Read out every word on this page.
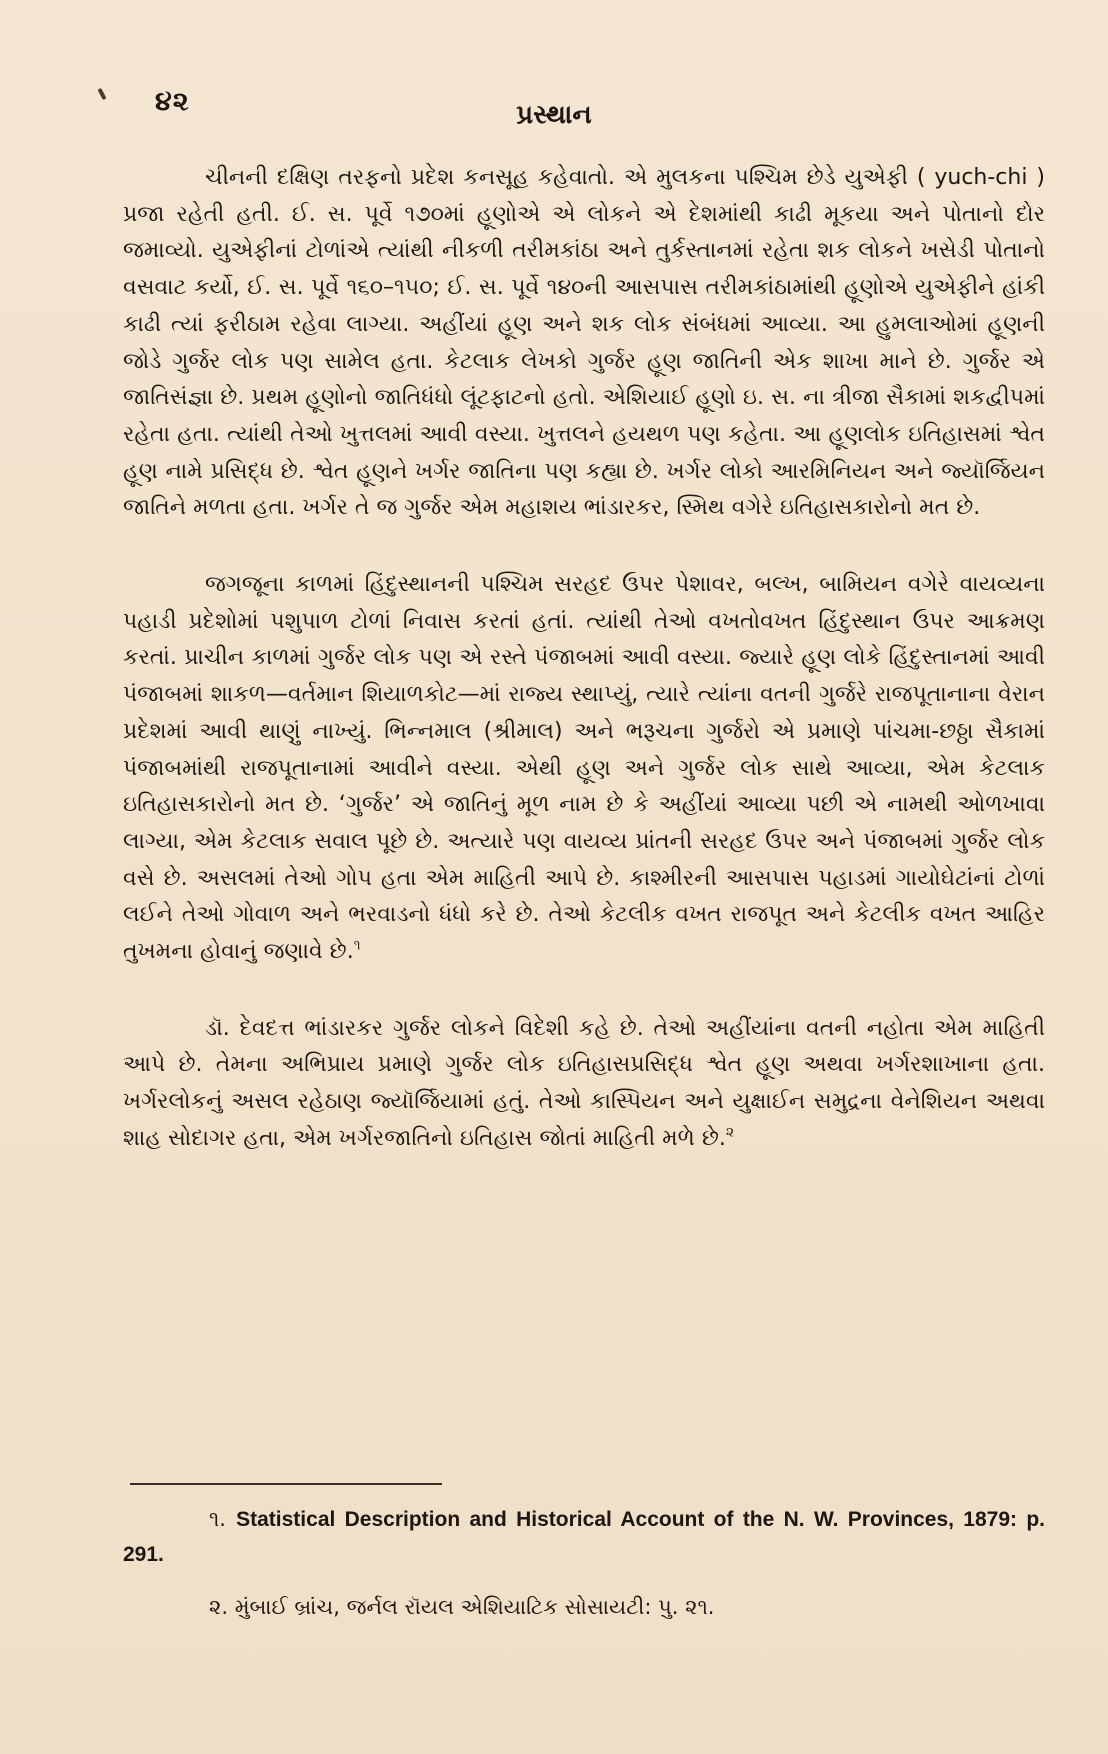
૪૨	પ્રસ્થાન

ચીનની દક્ષિણ તરફનો પ્રદેશ કનસૂહ કહેવાતો. એ મુલકના પશ્ચિમ છેડે યુએફી ( yuch-chi ) પ્રજા રહેતી હતી. ઈ. સ. પૂર્વે ૧૭૦માં હૂણોએ એ લોકને એ દેશમાંથી કાઢી મૂકયા અને પોતાનો દોર જમાવ્યો. યુએફીનાં ટોળાંએ ત્યાંથી નીકળી તરીમકાંઠા અને તુર્કસ્તાનમાં રહેતા શક લોકને ખસેડી પોતાનો વસવાટ કર્યો, ઈ. સ. પૂર્વે ૧૬૦–૧૫૦; ઈ. સ. પૂર્વે ૧૪૦ની આસપાસ તરીમકાંઠામાંથી હૂણોએ યુએફીને હાંકી કાઢી ત્યાં ફરીઠામ રહેવા લાગ્યા. અહીંયાં હૂણ અને શક લોક સંબંધમાં આવ્યા. આ હુમલાઓમાં હૂણની જોડે ગુર્જર લોક પણ સામેલ હતા. કેટલાક લેખકો ગુર્જર હૂણ જાતિની એક શાખા માને છે. ગુર્જર એ જાતિસંજ્ઞા છે. પ્રથમ હૂણોનો જાતિધંધો લૂંટફાટનો હતો. એશિયાઈ હૂણો ઇ. સ. ના ત્રીજા સૈકામાં શકદ્વીપમાં રહેતા હતા. ત્યાંથી તેઓ ખુત્તલમાં આવી વસ્યા. ખુત્તલને હયથળ પણ કહેતા. આ હૂણલોક ઇતિહાસમાં શ્વેત હૂણ નામે પ્રસિદ્ધ છે. શ્વેત હૂણને ખર્ગર જાતિના પણ કહ્યા છે. ખર્ગર લોકો આરમિનિયન અને જ્યૉર્જિયન જાતિને મળતા હતા. ખર્ગર તે જ ગુર્જર એમ મહાશય ભાંડારકર, સ્મિથ વગેરે ઇતિહાસકારોનો મત છે.

જગજૂના કાળમાં હિંદુસ્થાનની પશ્ચિમ સરહદ ઉપર પેશાવર, બલ્ખ, બામિયન વગેરે વાયવ્યના પહાડી પ્રદેશોમાં પશુપાળ ટોળાં નિવાસ કરતાં હતાં. ત્યાંથી તેઓ વખતોવખત હિંદુસ્થાન ઉપર આક્રમણ કરતાં. પ્રાચીન કાળમાં ગુર્જર લોક પણ એ રસ્તે પંજાબમાં આવી વસ્યા. જ્યારે હૂણ લોકે હિંદુસ્તાનમાં આવી પંજાબમાં શાકળ—વર્તમાન શિયાળકોટ—માં રાજ્ય સ્થાપ્યું, ત્યારે ત્યાંના વતની ગુર્જરે રાજપૂતાનાના વેરાન પ્રદેશમાં આવી થાણું નાખ્યું. ભિન્નમાલ (શ્રીમાલ) અને ભરૂચના ગુર્જરો એ પ્રમાણે પાંચમા-છઠ્ઠા સૈકામાં પંજાબમાંથી રાજપૂતાનામાં આવીને વસ્યા. એથી હૂણ અને ગુર્જર લોક સાથે આવ્યા, એમ કેટલાક ઇતિહાસકારોનો મત છે. ‘ગુર્જર’ એ જાતિનું મૂળ નામ છે કે અહીંયાં આવ્યા પછી એ નામથી ઓળખાવા લાગ્યા, એમ કેટલાક સવાલ પૂછે છે. અત્યારે પણ વાયવ્ય પ્રાંતની સરહદ ઉપર અને પંજાબમાં ગુર્જર લોક વસે છે. અસલમાં તેઓ ગોપ હતા એમ માહિતી આપે છે. કાશ્મીરની આસપાસ પહાડમાં ગાયોઘેટાંનાં ટોળાં લઈને તેઓ ગોવાળ અને ભરવાડનો ધંધો કરે છે. તેઓ કેટલીક વખત રાજપૂત અને કેટલીક વખત આહિર તુખમના હોવાનું જણાવે છે.$^૧$

ડૉ. દેવદત્ત ભાંડારકર ગુર્જર લોકને વિદેશી કહે છે. તેઓ અહીંયાંના વતની નહોતા એમ માહિતી આપે છે. તેમના અભિપ્રાય પ્રમાણે ગુર્જર લોક ઇતિહાસપ્રસિદ્ધ શ્વેત હૂણ અથવા ખર્ગરશાખાના હતા. ખર્ગરલોકનું અસલ રહેઠાણ જ્યૉર્જિયામાં હતું. તેઓ કાસ્પિયન અને યુક્ષાઈન સમુદ્રના વેનેશિયન અથવા શાહ સોદાગર હતા, એમ ખર્ગરજાતિનો ઇતિહાસ જોતાં માહિતી મળે છે.$^૨$

૧. Statistical Description and Historical Account of the N. W. Provinces, 1879: p. 291.

૨. મુંબાઈ બ્રાંચ, જર્નલ રૉયલ એશિયાટિક સોસાયટી: પુ. ૨૧.
